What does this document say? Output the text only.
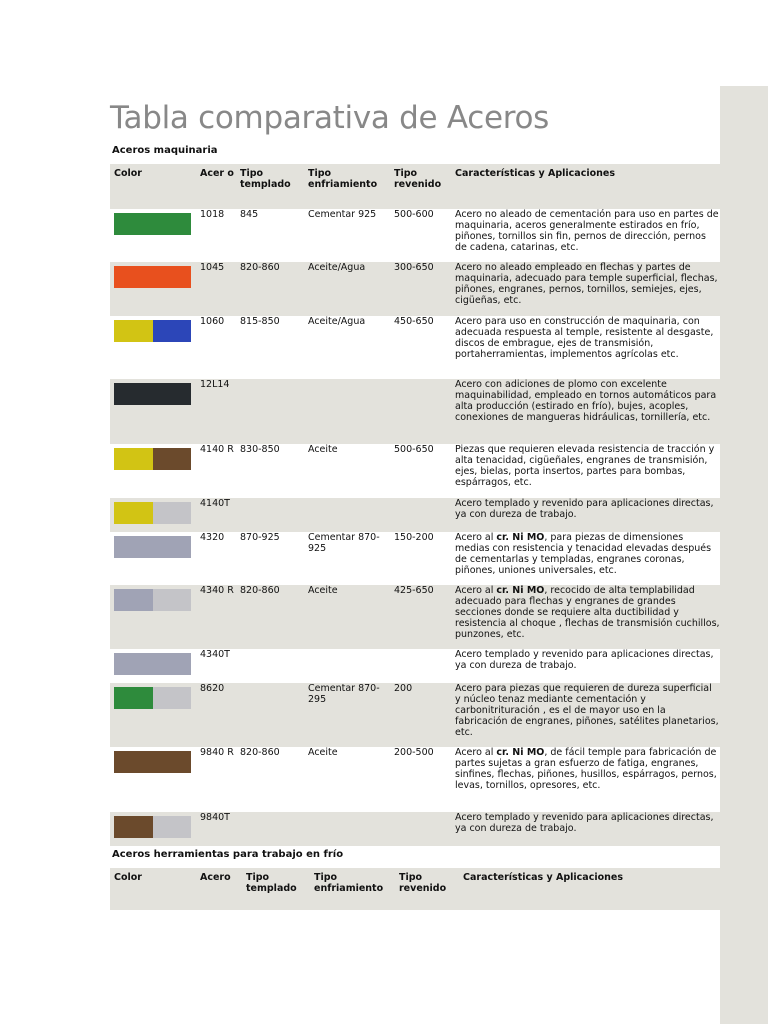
Tabla comparativa de Aceros
Aceros maquinaria
Color	Acer o	Tipo templado	Tipo enfriamiento	Tipo revenido	Características y Aplicaciones

	1018	845	Cementar 925	500-600	Acero no aleado de cementación para uso en partes de maquinaria, aceros generalmente estirados en frío, piñones, tornillos sin fin, pernos de dirección, pernos de cadena, catarinas, etc.

	1045	820-860	Aceite/Agua	300-650	Acero no aleado empleado en flechas y partes de maquinaria, adecuado para temple superficial, flechas, piñones, engranes, pernos, tornillos, semiejes, ejes, cigüeñas, etc.

	1060	815-850	Aceite/Agua	450-650	Acero para uso en construcción de maquinaria, con adecuada respuesta al temple, resistente al desgaste, discos de embrague, ejes de transmisión, portaherramientas, implementos agrícolas etc.

	12L14				Acero con adiciones de plomo con excelente maquinabilidad, empleado en tornos automáticos para alta producción (estirado en frío), bujes, acoples, conexiones de mangueras hidráulicas, tornillería, etc.

	4140 R	830-850	Aceite	500-650	Piezas que requieren elevada resistencia de tracción y alta tenacidad, cigüeñales, engranes de transmisión, ejes, bielas, porta insertos, partes para bombas, espárragos, etc.

	4140T				Acero templado y revenido para aplicaciones directas, ya con dureza de trabajo.

	4320	870-925	Cementar 870-925	150-200	Acero al cr. Ni MO, para piezas de dimensiones medias con resistencia y tenacidad elevadas después de cementarlas y templadas, engranes coronas, piñones, uniones universales, etc.

	4340 R	820-860	Aceite	425-650	Acero al cr. Ni MO, recocido de alta templabilidad adecuado para flechas y engranes de grandes secciones donde se requiere alta ductibilidad y resistencia al choque , flechas de transmisión cuchillos, punzones, etc.

	4340T				Acero templado y revenido para aplicaciones directas, ya con dureza de trabajo.

	8620		Cementar 870-295	200	Acero para piezas que requieren de dureza superficial y núcleo tenaz mediante cementación y carbonitrituración , es el de mayor uso en la fabricación de engranes, piñones, satélites planetarios, etc.

	9840 R	820-860	Aceite	200-500	Acero al cr. Ni MO, de fácil temple para fabricación de partes sujetas a gran esfuerzo de fatiga, engranes, sinfines, flechas, piñones, husillos, espárragos, pernos, levas, tornillos, opresores, etc.

	9840T				Acero templado y revenido para aplicaciones directas, ya con dureza de trabajo.
Aceros herramientas para trabajo en frío
Color	Acero	Tipo templado	Tipo enfriamiento	Tipo revenido	Características y Aplicaciones
